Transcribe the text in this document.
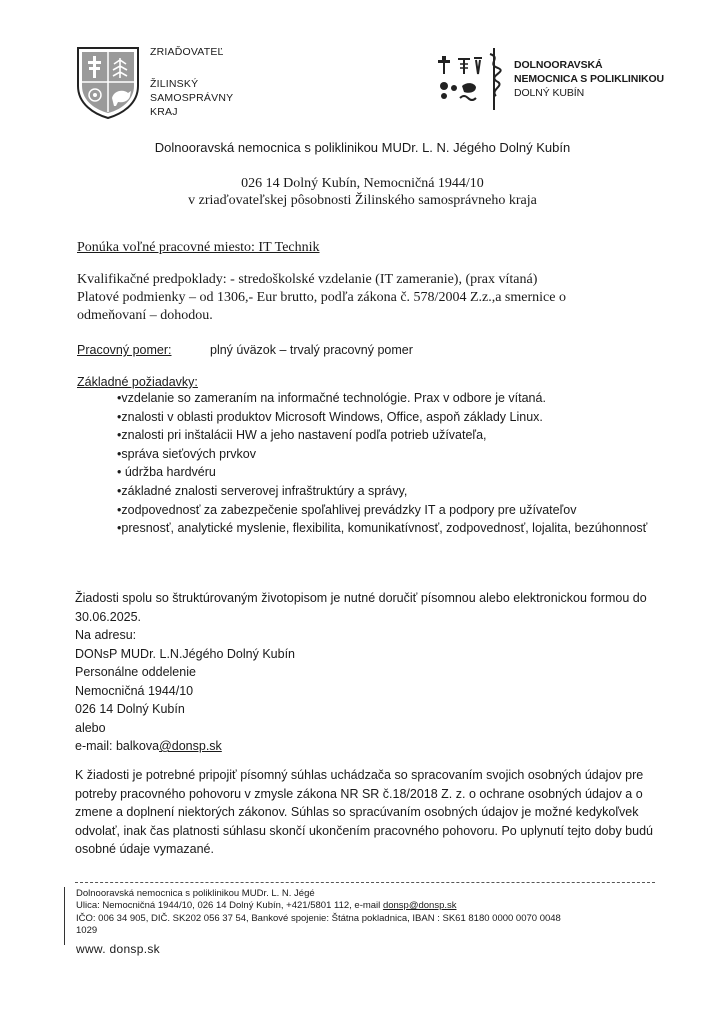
ZRIAĎOVATEĽ
ŽILINSKÝ
SAMOSPRÁVNY
KRAJ
DOLNOORAVSKÁ
NEMOCNICA S POLIKLINIKOU
DOLNÝ KUBÍN
Dolnooravská nemocnica s poliklinikou MUDr. L. N. Jégého Dolný Kubín
026 14 Dolný Kubín, Nemocničná 1944/10
v zriaďovateľskej pôsobnosti Žilinského samosprávneho kraja
Ponúka voľné pracovné miesto: IT Technik
Kvalifikačné predpoklady: - stredoškolské vzdelanie (IT zameranie), (prax vítaná)
Platové podmienky – od 1306,- Eur brutto, podľa zákona č. 578/2004 Z.z.,a smernice o
odmeňovaní – dohodou.
Pracovný pomer:	plný úväzok – trvalý pracovný pomer
Základné požiadavky:
•vzdelanie so zameraním na informačné technológie. Prax v odbore je vítaná.
•znalosti v oblasti produktov Microsoft Windows, Office, aspoň základy Linux.
•znalosti pri inštalácii HW a jeho nastavení podľa potrieb užívateľa,
•správa sieťových prvkov
• údržba hardvéru
•základné znalosti serverovej infraštruktúry a správy,
•zodpovednosť za zabezpečenie spoľahlivej prevádzky IT a podpory pre užívateľov
•presnosť, analytické myslenie, flexibilita, komunikatívnosť, zodpovednosť, lojalita, bezúhonnosť
Žiadosti spolu so štruktúrovaným životopisom je nutné doručiť písomnou alebo elektronickou formou do
30.06.2025.
Na adresu:
DONsP MUDr. L.N.Jégého Dolný Kubín
Personálne oddelenie
Nemocničná 1944/10
026 14 Dolný Kubín
alebo
e-mail: balkova@donsp.sk
K žiadosti je potrebné pripojiť písomný súhlas uchádzača so spracovaním svojich osobných údajov pre
potreby pracovného pohovoru v zmysle zákona NR SR č.18/2018 Z. z. o ochrane osobných údajov a o
zmene a doplnení niektorých zákonov. Súhlas so spracúvaním osobných údajov je možné kedykoľvek
odvolať, inak čas platnosti súhlasu skončí ukončením pracovného pohovoru. Po uplynutí tejto doby budú
osobné údaje vymazané.
Dolnooravská nemocnica s poliklinikou MUDr. L. N. Jégé
Ulica: Nemocničná 1944/10, 026 14 Dolný Kubín, +421/5801 112, e-mail donsp@donsp.sk
IČO: 006 34 905, DIČ. SK202 056 37 54, Bankové spojenie: Štátna pokladnica, IBAN : SK61 8180 0000 0070 0048
1029
www. donsp.sk
